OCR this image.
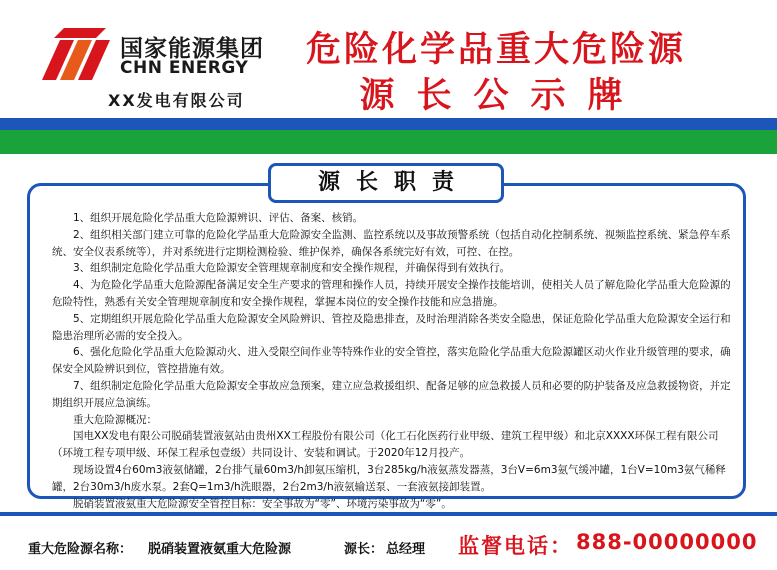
国家能源集团
CHN ENERGY
XX发电有限公司
危险化学品重大危险源
源长公示牌
源长职责

1、组织开展危险化学品重大危险源辨识、评估、备案、核销。

2、组织相关部门建立可靠的危险化学品重大危险源安全监测、监控系统以及事故预警系统（包括自动化控制系统、视频监控系统、紧急停车系统、安全仪表系统等），并对系统进行定期检测检验、维护保养，确保各系统完好有效，可控、在控。

3、组织制定危险化学品重大危险源安全管理规章制度和安全操作规程，并确保得到有效执行。

4、为危险化学品重大危险源配备满足安全生产要求的管理和操作人员，持续开展安全操作技能培训，使相关人员了解危险化学品重大危险源的危险特性，熟悉有关安全管理规章制度和安全操作规程，掌握本岗位的安全操作技能和应急措施。

5、定期组织开展危险化学品重大危险源安全风险辨识、管控及隐患排查，及时治理消除各类安全隐患，保证危险化学品重大危险源安全运行和隐患治理所必需的安全投入。

6、强化危险化学品重大危险源动火、进入受限空间作业等特殊作业的安全管控，落实危险化学品重大危险源罐区动火作业升级管理的要求，确保安全风险辨识到位，管控措施有效。

7、组织制定危险化学品重大危险源安全事故应急预案，建立应急救援组织、配备足够的应急救援人员和必要的防护装备及应急救援物资，并定期组织开展应急演练。

重大危险源概况：

国电XX发电有限公司脱硝装置液氨站由贵州XX工程股份有限公司（化工石化医药行业甲级、建筑工程甲级）和北京XXXX环保工程有限公司（环境工程专项甲级、环保工程承包壹级）共同设计、安装和调试。于2020年12月投产。

现场设置4台60m3液氨储罐，2台排气量60m3/h卸氨压缩机，3台285kg/h液氨蒸发器蒸，3台V=6m3氨气缓冲罐，1台V=10m3氨气稀释罐，2台30m3/h废水泵。2套Q=1m3/h洗眼器，2台2m3/h液氨输送泵、一套液氨接卸装置。

脱硝装置液氨重大危险源安全管控目标：安全事故为“零”、环境污染事故为“零”。

重大危险源名称： 脱硝装置液氨重大危险源	源长： 总经理 监督电话： 888-00000000
